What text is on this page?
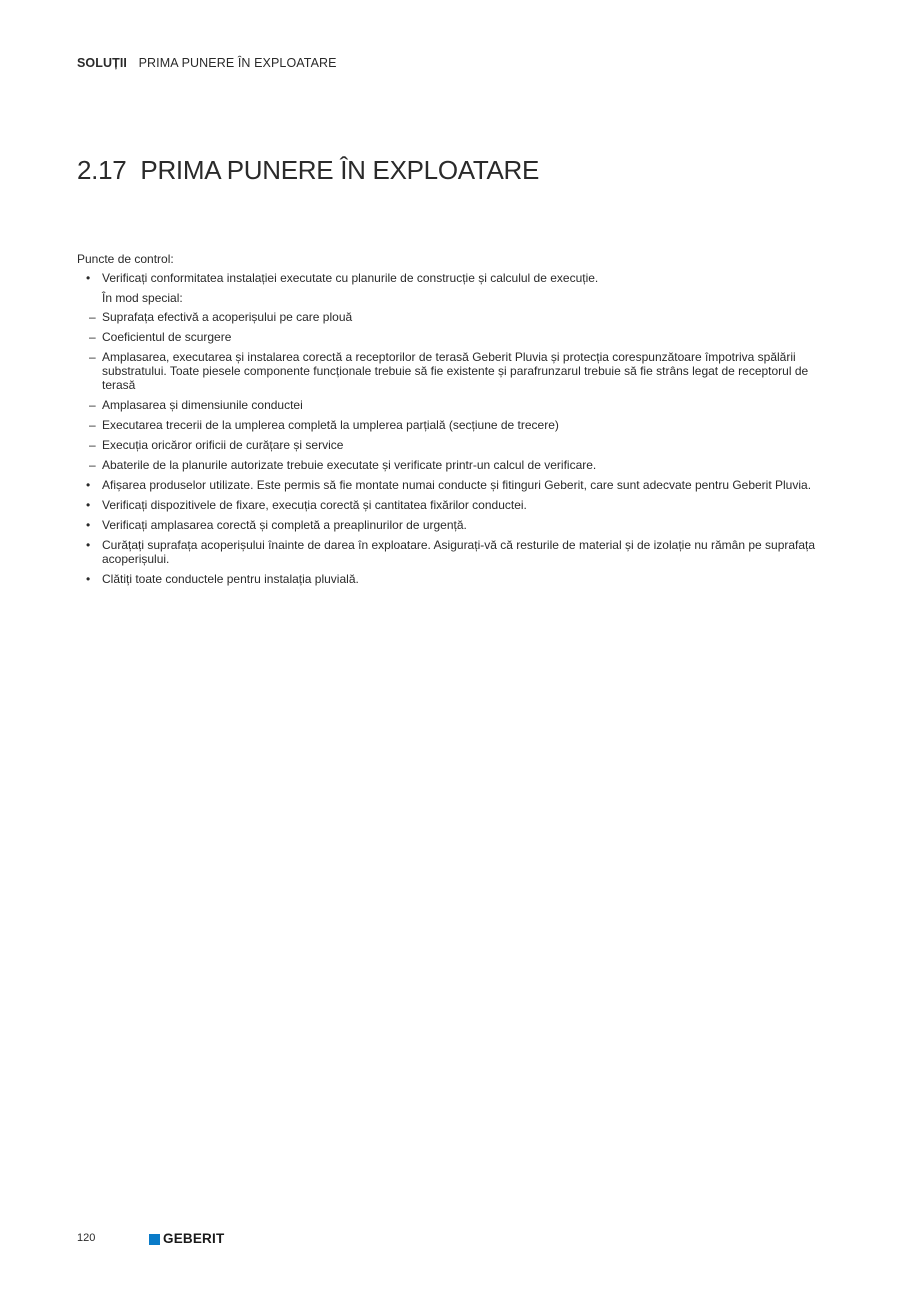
SOLUȚII PRIMA PUNERE ÎN EXPLOATARE
2.17 PRIMA PUNERE ÎN EXPLOATARE

Puncte de control:

• Verificați conformitatea instalației executate cu planurile de construcție și calculul de execuție.
În mod special:
– Suprafața efectivă a acoperișului pe care plouă
– Coeficientul de scurgere
– Amplasarea, executarea și instalarea corectă a receptorilor de terasă Geberit Pluvia și protecția corespunzătoare împotriva spălării substratului. Toate piesele componente funcționale trebuie să fie existente și parafrunzarul trebuie să fie strâns legat de receptorul de terasă
– Amplasarea și dimensiunile conductei
– Executarea trecerii de la umplerea completă la umplerea parțială (secțiune de trecere)
– Execuția oricăror orificii de curățare și service
– Abaterile de la planurile autorizate trebuie executate și verificate printr-un calcul de verificare.
• Afișarea produselor utilizate. Este permis să fie montate numai conducte și fitinguri Geberit, care sunt adecvate pentru Geberit Pluvia.
• Verificați dispozitivele de fixare, execuția corectă și cantitatea fixărilor conductei.
• Verificați amplasarea corectă și completă a preaplinurilor de urgență.
• Curățați suprafața acoperișului înainte de darea în exploatare. Asigurați-vă că resturile de material și de izolație nu rămân pe suprafața acoperișului.
• Clătiți toate conductele pentru instalația pluvială.
120	GEBERIT
